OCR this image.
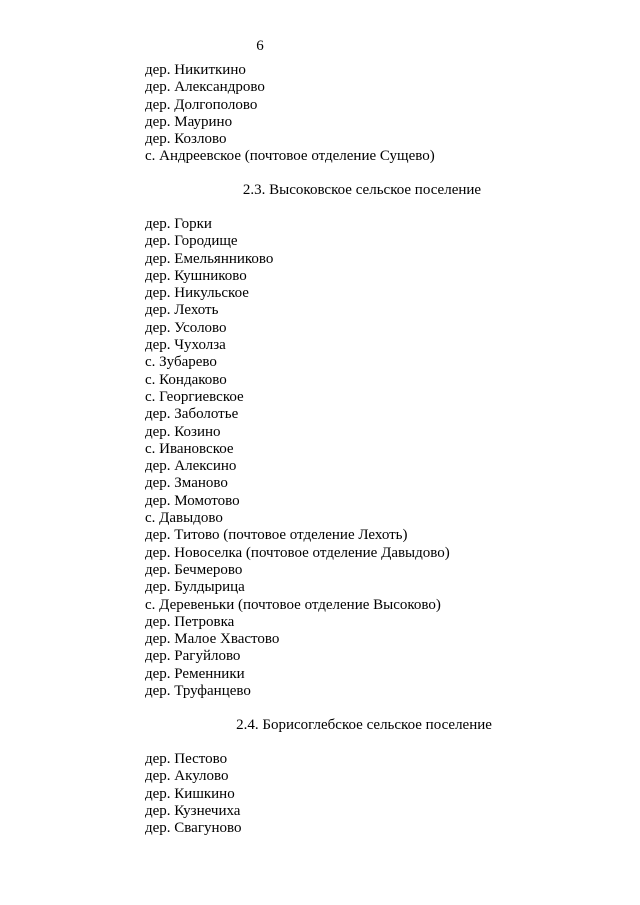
6
дер. Никиткино
дер. Александрово
дер. Долгополово
дер. Маурино
дер. Козлово
с. Андреевское (почтовое отделение Сущево)
2.3. Высоковское сельское поселение
дер. Горки
дер. Городище
дер. Емельянниково
дер. Кушниково
дер. Никульское
дер. Лехоть
дер. Усолово
дер. Чухолза
с. Зубарево
с. Кондаково
с. Георгиевское
дер. Заболотье
дер. Козино
с. Ивановское
дер. Алексино
дер. Зманово
дер. Момотово
с. Давыдово
дер. Титово (почтовое отделение Лехоть)
дер. Новоселка (почтовое отделение Давыдово)
дер. Бечмерово
дер. Булдырица
с. Деревеньки (почтовое отделение Высоково)
дер. Петровка
дер. Малое Хвастово
дер. Рагуйлово
дер. Ременники
дер. Труфанцево
2.4. Борисоглебское сельское поселение
дер. Пестово
дер. Акулово
дер. Кишкино
дер. Кузнечиха
дер. Свагуново
